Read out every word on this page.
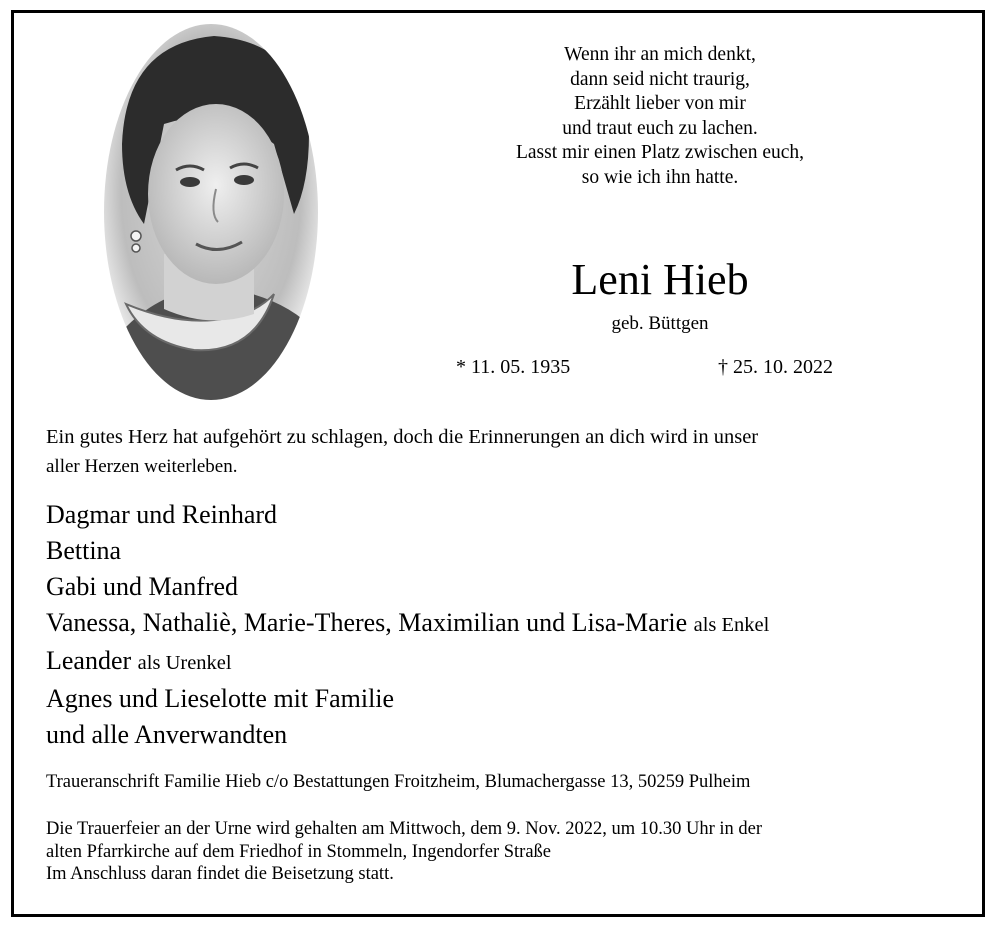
Wenn ihr an mich denkt,
dann seid nicht traurig,
Erzählt lieber von mir
und traut euch zu lachen.
Lasst mir einen Platz zwischen euch,
so wie ich ihn hatte.
Leni Hieb
geb. Büttgen
* 11. 05. 1935	† 25. 10. 2022
Ein gutes Herz hat aufgehört zu schlagen, doch die Erinnerungen an dich wird in unser
aller Herzen weiterleben.
Dagmar und Reinhard
Bettina
Gabi und Manfred
Vanessa, Nathaliè, Marie-Theres, Maximilian und Lisa-Marie als Enkel
Leander als Urenkel
Agnes und Lieselotte mit Familie
und alle Anverwandten
Traueranschrift Familie Hieb c/o Bestattungen Froitzheim, Blumachergasse 13, 50259 Pulheim
Die Trauerfeier an der Urne wird gehalten am Mittwoch, dem 9. Nov. 2022, um 10.30 Uhr in der
alten Pfarrkirche auf dem Friedhof in Stommeln, Ingendorfer Straße
Im Anschluss daran findet die Beisetzung statt.
